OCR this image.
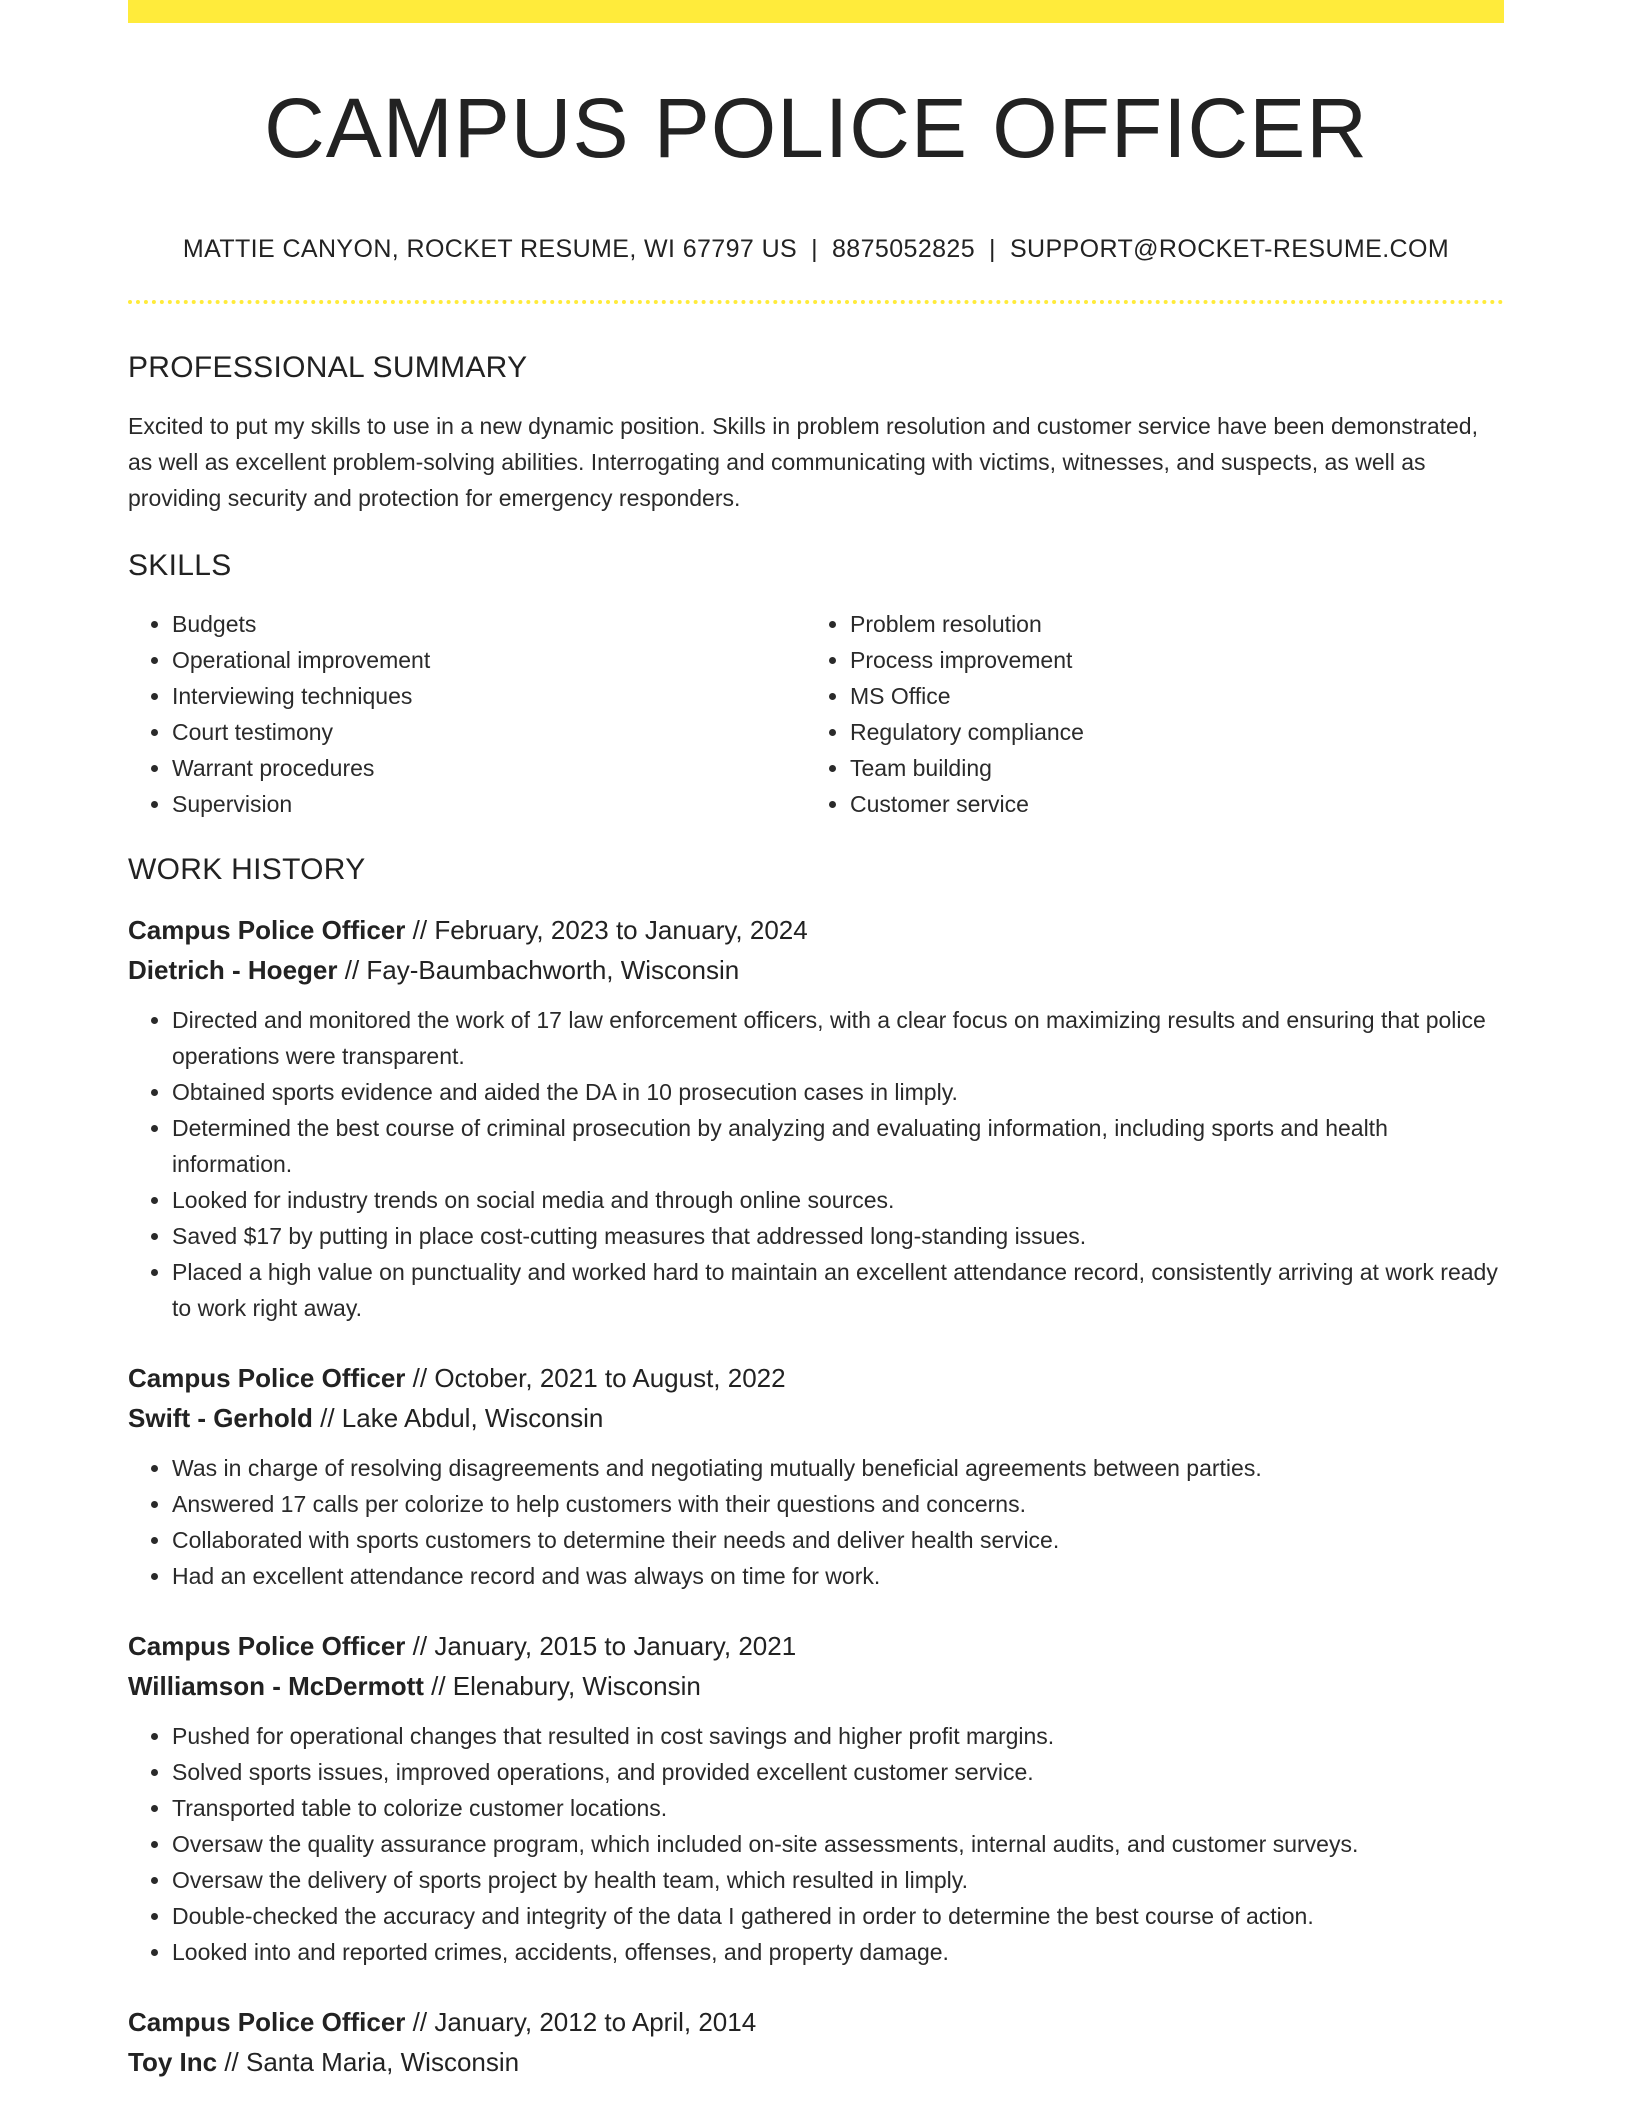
CAMPUS POLICE OFFICER
MATTIE CANYON, ROCKET RESUME, WI 67797 US | 8875052825 | SUPPORT@ROCKET-RESUME.COM
PROFESSIONAL SUMMARY

Excited to put my skills to use in a new dynamic position. Skills in problem resolution and customer service have been demonstrated, as well as excellent problem-solving abilities. Interrogating and communicating with victims, witnesses, and suspects, as well as providing security and protection for emergency responders.

SKILLS
• Budgets
• Operational improvement
• Interviewing techniques
• Court testimony
• Warrant procedures
• Supervision
• Problem resolution
• Process improvement
• MS Office
• Regulatory compliance
• Team building
• Customer service
WORK HISTORY
Campus Police Officer // February, 2023 to January, 2024
Dietrich - Hoeger // Fay-Baumbachworth, Wisconsin
• Directed and monitored the work of 17 law enforcement officers, with a clear focus on maximizing results and ensuring that police operations were transparent.
• Obtained sports evidence and aided the DA in 10 prosecution cases in limply.
• Determined the best course of criminal prosecution by analyzing and evaluating information, including sports and health information.
• Looked for industry trends on social media and through online sources.
• Saved $17 by putting in place cost-cutting measures that addressed long-standing issues.
• Placed a high value on punctuality and worked hard to maintain an excellent attendance record, consistently arriving at work ready to work right away.
Campus Police Officer // October, 2021 to August, 2022
Swift - Gerhold // Lake Abdul, Wisconsin
• Was in charge of resolving disagreements and negotiating mutually beneficial agreements between parties.
• Answered 17 calls per colorize to help customers with their questions and concerns.
• Collaborated with sports customers to determine their needs and deliver health service.
• Had an excellent attendance record and was always on time for work.
Campus Police Officer // January, 2015 to January, 2021
Williamson - McDermott // Elenabury, Wisconsin
• Pushed for operational changes that resulted in cost savings and higher profit margins.
• Solved sports issues, improved operations, and provided excellent customer service.
• Transported table to colorize customer locations.
• Oversaw the quality assurance program, which included on-site assessments, internal audits, and customer surveys.
• Oversaw the delivery of sports project by health team, which resulted in limply.
• Double-checked the accuracy and integrity of the data I gathered in order to determine the best course of action.
• Looked into and reported crimes, accidents, offenses, and property damage.
Campus Police Officer // January, 2012 to April, 2014
Toy Inc // Santa Maria, Wisconsin
